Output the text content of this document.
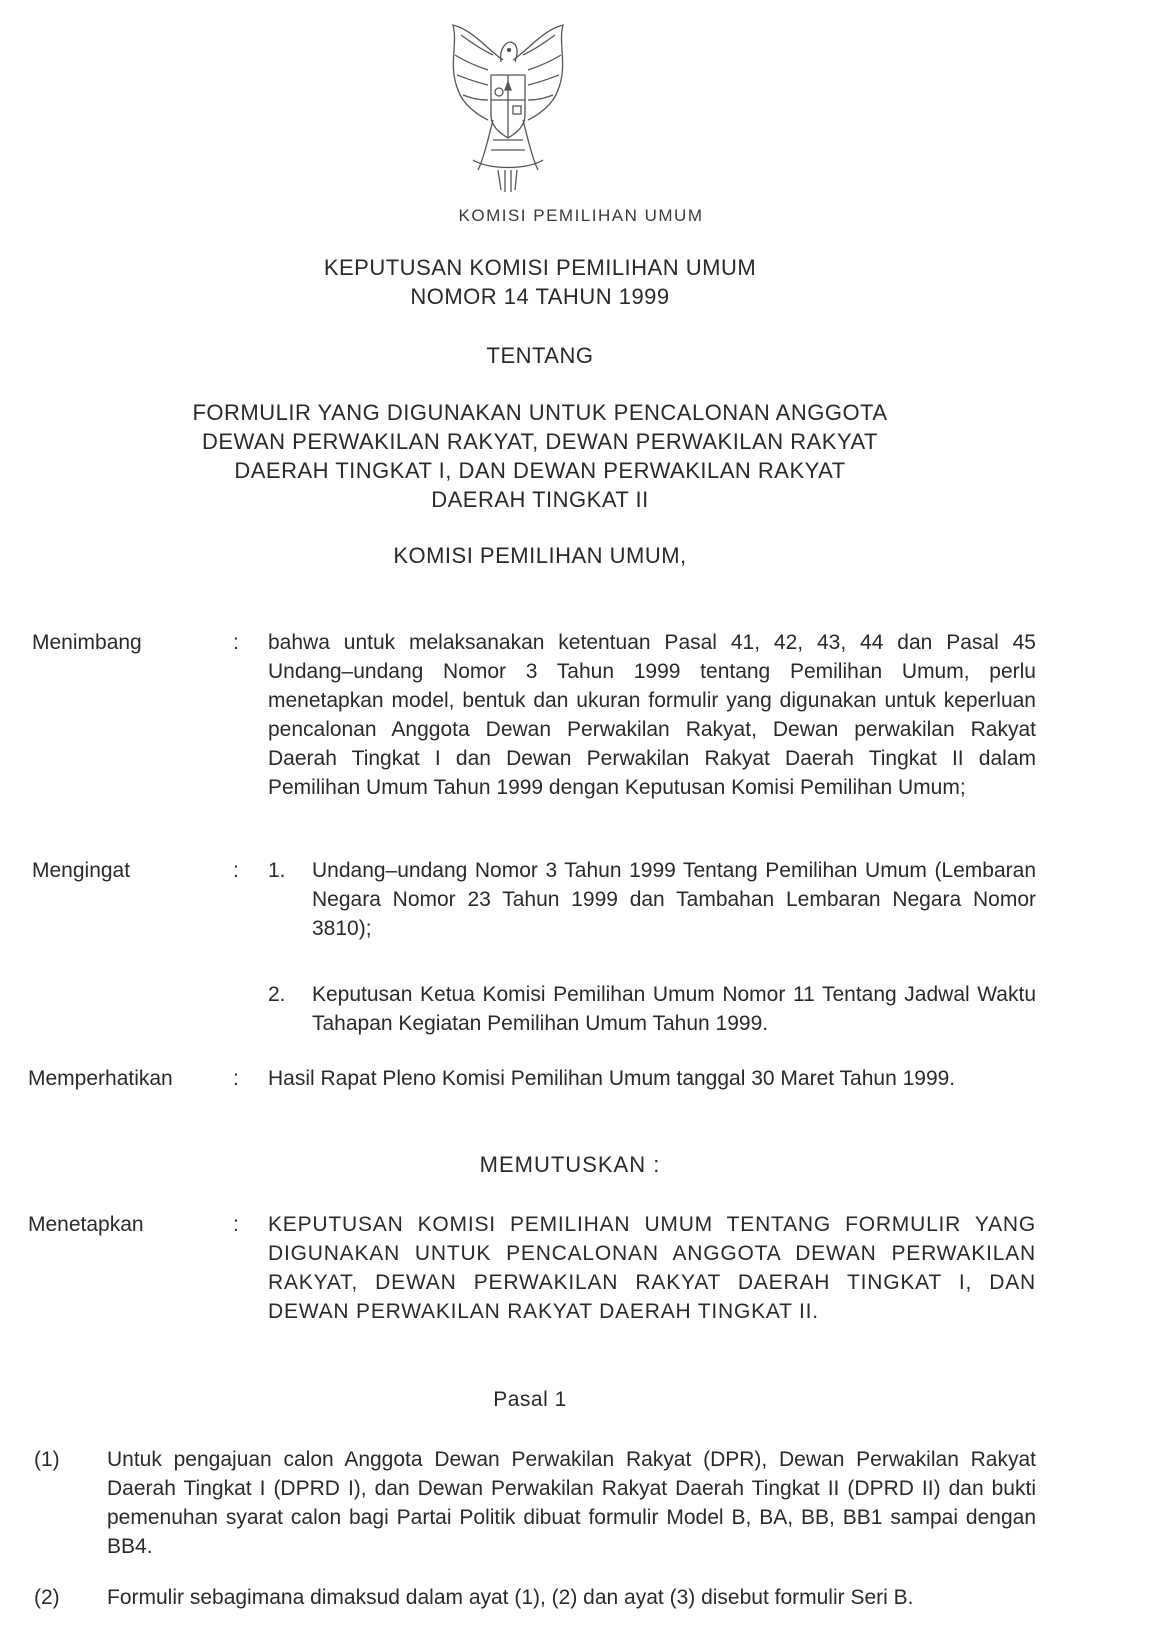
KOMISI PEMILIHAN UMUM
KEPUTUSAN KOMISI PEMILIHAN UMUM
NOMOR 14 TAHUN 1999
TENTANG
FORMULIR YANG DIGUNAKAN UNTUK PENCALONAN ANGGOTA
DEWAN PERWAKILAN RAKYAT, DEWAN PERWAKILAN RAKYAT
DAERAH TINGKAT I, DAN DEWAN PERWAKILAN RAKYAT
DAERAH TINGKAT II
KOMISI PEMILIHAN UMUM,
Menimbang	: bahwa untuk melaksanakan ketentuan Pasal 41, 42, 43, 44 dan Pasal 45 Undang–undang Nomor 3 Tahun 1999 tentang Pemilihan Umum, perlu menetapkan model, bentuk dan ukuran formulir yang digunakan untuk keperluan pencalonan Anggota Dewan Perwakilan Rakyat, Dewan perwakilan Rakyat Daerah Tingkat I dan Dewan Perwakilan Rakyat Daerah Tingkat II dalam Pemilihan Umum Tahun 1999 dengan Keputusan Komisi Pemilihan Umum;
Mengingat	: 1.	Undang–undang Nomor 3 Tahun 1999 Tentang Pemilihan Umum (Lembaran Negara Nomor 23 Tahun 1999 dan Tambahan Lembaran Negara Nomor 3810);
2.	Keputusan Ketua Komisi Pemilihan Umum Nomor 11 Tentang Jadwal Waktu Tahapan Kegiatan Pemilihan Umum Tahun 1999.
Memperhatikan	: Hasil Rapat Pleno Komisi Pemilihan Umum tanggal 30 Maret Tahun 1999.
MEMUTUSKAN :
Menetapkan	: KEPUTUSAN KOMISI PEMILIHAN UMUM TENTANG FORMULIR YANG DIGUNAKAN UNTUK PENCALONAN ANGGOTA DEWAN PERWAKILAN RAKYAT, DEWAN PERWAKILAN RAKYAT DAERAH TINGKAT I, DAN DEWAN PERWAKILAN RAKYAT DAERAH TINGKAT II.
Pasal 1
(1) Untuk pengajuan calon Anggota Dewan Perwakilan Rakyat (DPR), Dewan Perwakilan Rakyat Daerah Tingkat I (DPRD I), dan Dewan Perwakilan Rakyat Daerah Tingkat II (DPRD II) dan bukti pemenuhan syarat calon bagi Partai Politik dibuat formulir Model B, BA, BB, BB1 sampai dengan BB4.
(2) Formulir sebagimana dimaksud dalam ayat (1), (2) dan ayat (3) disebut formulir Seri B.
